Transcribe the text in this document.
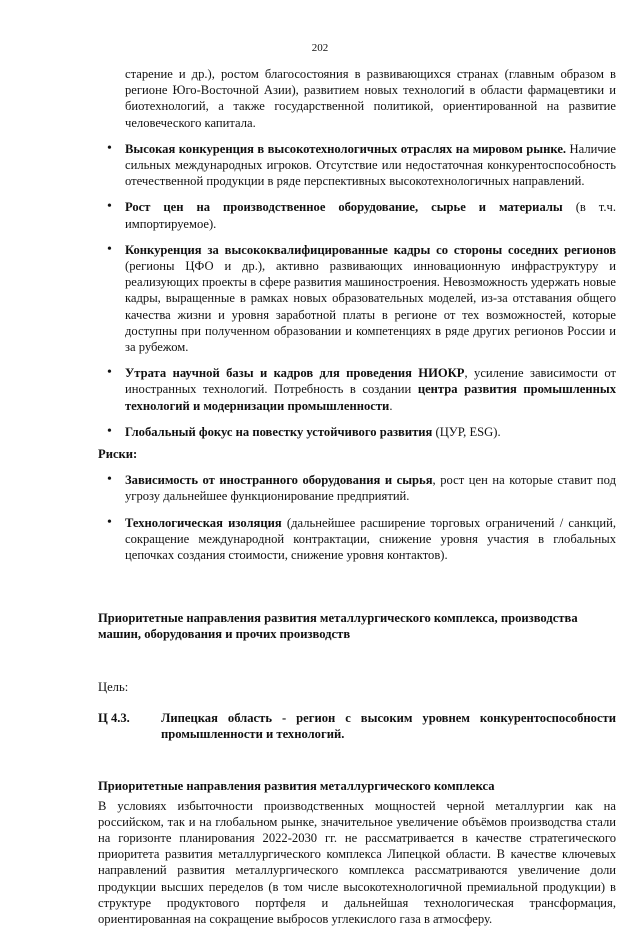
202
старение и др.), ростом благосостояния в развивающихся странах (главным образом в регионе Юго-Восточной Азии), развитием новых технологий в области фармацевтики и биотехнологий, а также государственной политикой, ориентированной на развитие человеческого капитала.
• Высокая конкуренция в высокотехнологичных отраслях на мировом рынке. Наличие сильных международных игроков. Отсутствие или недостаточная конкурентоспособность отечественной продукции в ряде перспективных высокотехнологичных направлений.
• Рост цен на производственное оборудование, сырье и материалы (в т.ч. импортируемое).
• Конкуренция за высококвалифицированные кадры со стороны соседних регионов (регионы ЦФО и др.), активно развивающих инновационную инфраструктуру и реализующих проекты в сфере развития машиностроения. Невозможность удержать новые кадры, выращенные в рамках новых образовательных моделей, из-за отставания общего качества жизни и уровня заработной платы в регионе от тех возможностей, которые доступны при полученном образовании и компетенциях в ряде других регионов России и за рубежом.
• Утрата научной базы и кадров для проведения НИОКР, усиление зависимости от иностранных технологий. Потребность в создании центра развития промышленных технологий и модернизации промышленности.
• Глобальный фокус на повестку устойчивого развития (ЦУР, ESG).
Риски:
• Зависимость от иностранного оборудования и сырья, рост цен на которые ставит под угрозу дальнейшее функционирование предприятий.
• Технологическая изоляция (дальнейшее расширение торговых ограничений / санкций, сокращение международной контрактации, снижение уровня участия в глобальных цепочках создания стоимости, снижение уровня контактов).
Приоритетные направления развития металлургического комплекса, производства машин, оборудования и прочих производств
Цель:
Ц 4.3.	Липецкая область - регион с высоким уровнем конкурентоспособности промышленности и технологий.
Приоритетные направления развития металлургического комплекса
В условиях избыточности производственных мощностей черной металлургии как на российском, так и на глобальном рынке, значительное увеличение объёмов производства стали на горизонте планирования 2022-2030 гг. не рассматривается в качестве стратегического приоритета развития металлургического комплекса Липецкой области. В качестве ключевых направлений развития металлургического комплекса рассматриваются увеличение доли продукции высших переделов (в том числе высокотехнологичной премиальной продукции) в структуре продуктового портфеля и дальнейшая технологическая трансформация, ориентированная на сокращение выбросов углекислого газа в атмосферу.
